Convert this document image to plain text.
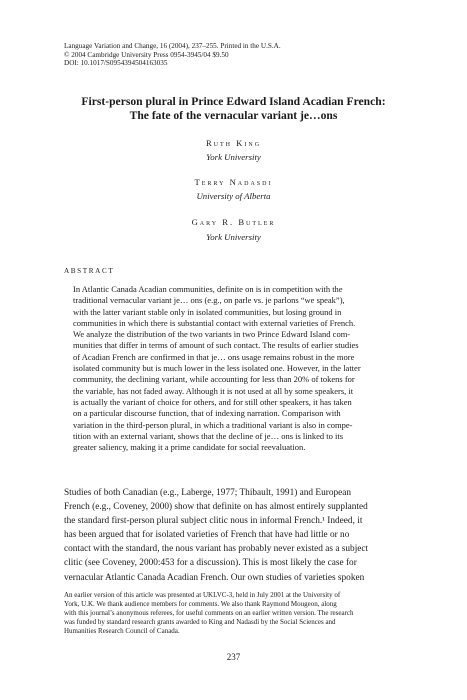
Language Variation and Change, 16 (2004), 237–255. Printed in the U.S.A.
© 2004 Cambridge University Press 0954-3945/04 $9.50
DOI: 10.1017/S0954394504163035
First-person plural in Prince Edward Island Acadian French:
The fate of the vernacular variant je…ons
Ruth King
York University
Terry Nadasdi
University of Alberta
Gary R. Butler
York University
ABSTRACT
In Atlantic Canada Acadian communities, definite on is in competition with the
traditional vernacular variant je… ons (e.g., on parle vs. je parlons “we speak”),
with the latter variant stable only in isolated communities, but losing ground in
communities in which there is substantial contact with external varieties of French.
We analyze the distribution of the two variants in two Prince Edward Island com-
munities that differ in terms of amount of such contact. The results of earlier studies
of Acadian French are confirmed in that je… ons usage remains robust in the more
isolated community but is much lower in the less isolated one. However, in the latter
community, the declining variant, while accounting for less than 20% of tokens for
the variable, has not faded away. Although it is not used at all by some speakers, it
is actually the variant of choice for others, and for still other speakers, it has taken
on a particular discourse function, that of indexing narration. Comparison with
variation in the third-person plural, in which a traditional variant is also in compe-
tition with an external variant, shows that the decline of je… ons is linked to its
greater saliency, making it a prime candidate for social reevaluation.
Studies of both Canadian (e.g., Laberge, 1977; Thibault, 1991) and European
French (e.g., Coveney, 2000) show that definite on has almost entirely supplanted
the standard first-person plural subject clitic nous in informal French.¹ Indeed, it
has been argued that for isolated varieties of French that have had little or no
contact with the standard, the nous variant has probably never existed as a subject
clitic (see Coveney, 2000:453 for a discussion). This is most likely the case for
vernacular Atlantic Canada Acadian French. Our own studies of varieties spoken
An earlier version of this article was presented at UKLVC-3, held in July 2001 at the University of
York, U.K. We thank audience members for comments. We also thank Raymond Mougeon, along
with this journal’s anonymous referees, for useful comments on an earlier written version. The research
was funded by standard research grants awarded to King and Nadasdi by the Social Sciences and
Humanities Research Council of Canada.
237
